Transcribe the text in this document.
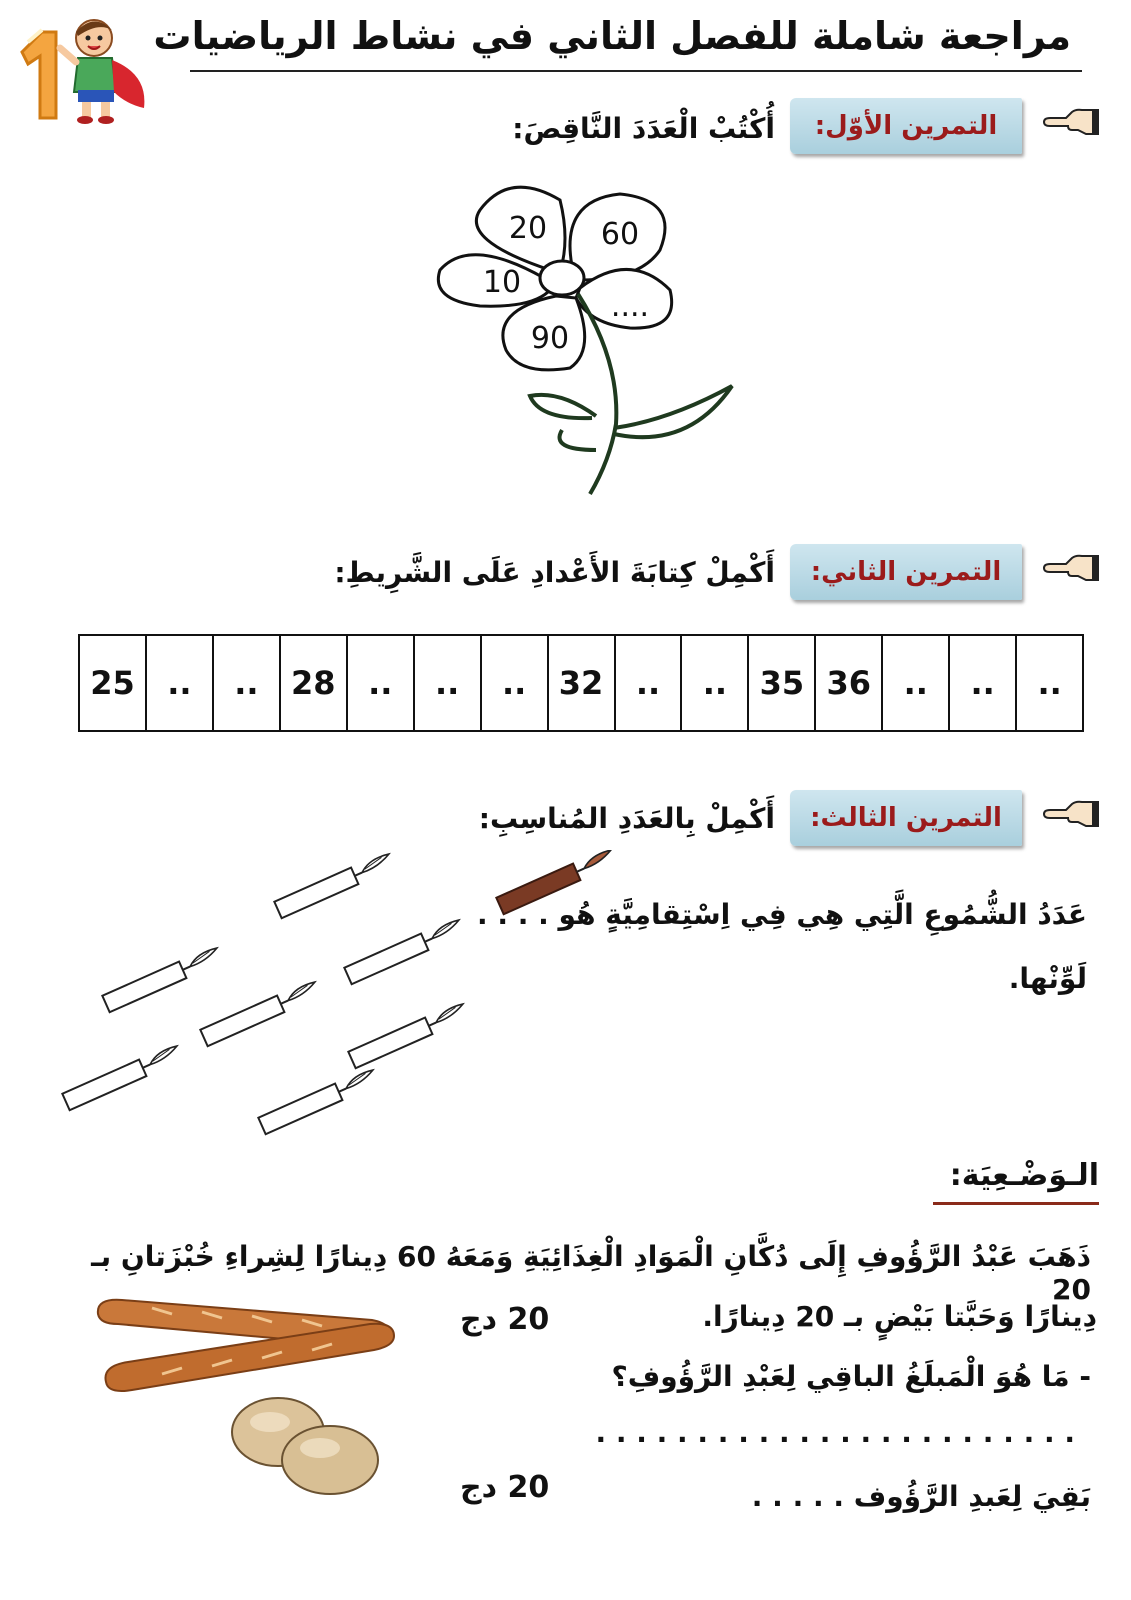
مراجعة شاملة للفصل الثاني في نشاط الرياضيات
التمرين الأوّل:
أُكْتُبْ الْعَدَدَ النَّاقِصَ:
20 60
10
....
90
التمرين الثاني:
أَكْمِلْ كِتابَةَ الأَعْدادِ عَلَى الشَّرِيطِ:
25	..	..	28	..	..	..	32	..	..	35 36	..	..	..
التمرين الثالث:
أَكْمِلْ بِالعَدَدِ المُناسِبِ:
عَدَدُ الشُّمُوعِ الَّتِي هِي فِي اِسْتِقامِيَّةٍ هُو . . . .
لَوِّنْها.
الـوَضْـعِيَة:
ذَهَبَ عَبْدُ الرَّؤُوفِ إِلَى دُكَّانِ الْمَوَادِ الْغِذَائِيَةِ وَمَعَهُ 60 دِينارًا لِشِراءِ خُبْزَتانِ بـ 20
دِينارًا وَحَبَّتا بَيْضٍ بـ 20 دِينارًا.
- مَا هُوَ الْمَبلَغُ الباقِي لِعَبْدِ الرَّؤُوفِ؟
. . . . . . . . . . . . . . . . . . . . . . . .
بَقِيَ لِعَبدِ الرَّؤُوف . . . . .
20 دج
20 دج
